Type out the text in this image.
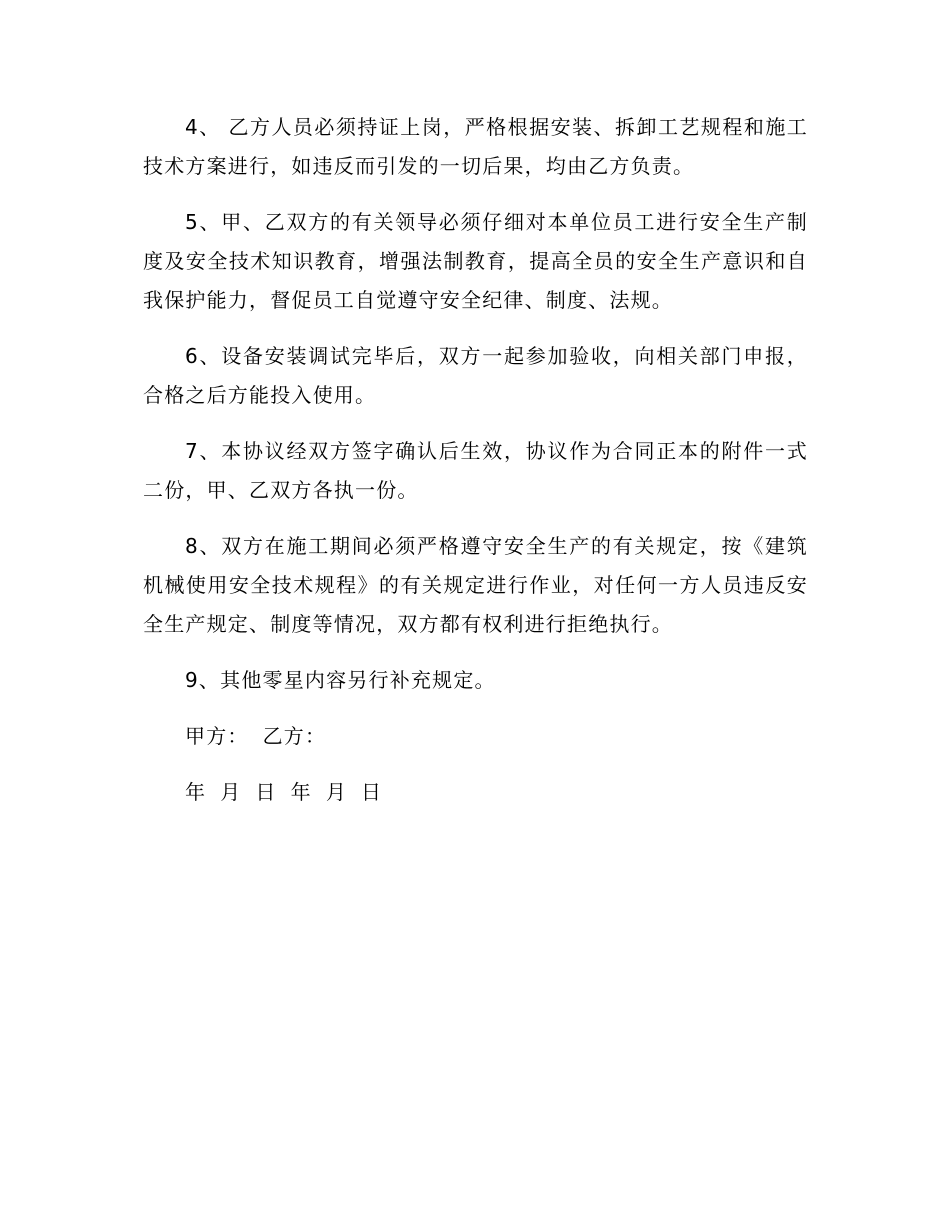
4、 乙方人员必须持证上岗，严格根据安装、拆卸工艺规程和施工技术方案进行，如违反而引发的一切后果，均由乙方负责。

5、甲、乙双方的有关领导必须仔细对本单位员工进行安全生产制度及安全技术知识教育，增强法制教育，提高全员的安全生产意识和自我保护能力，督促员工自觉遵守安全纪律、制度、法规。

6、设备安装调试完毕后，双方一起参加验收，向相关部门申报，合格之后方能投入使用。

7、本协议经双方签字确认后生效，协议作为合同正本的附件一式二份，甲、乙双方各执一份。

8、双方在施工期间必须严格遵守安全生产的有关规定，按《建筑机械使用安全技术规程》的有关规定进行作业，对任何一方人员违反安全生产规定、制度等情况，双方都有权利进行拒绝执行。

9、其他零星内容另行补充规定。

甲方： 乙方：
年 月 日 年 月 日
